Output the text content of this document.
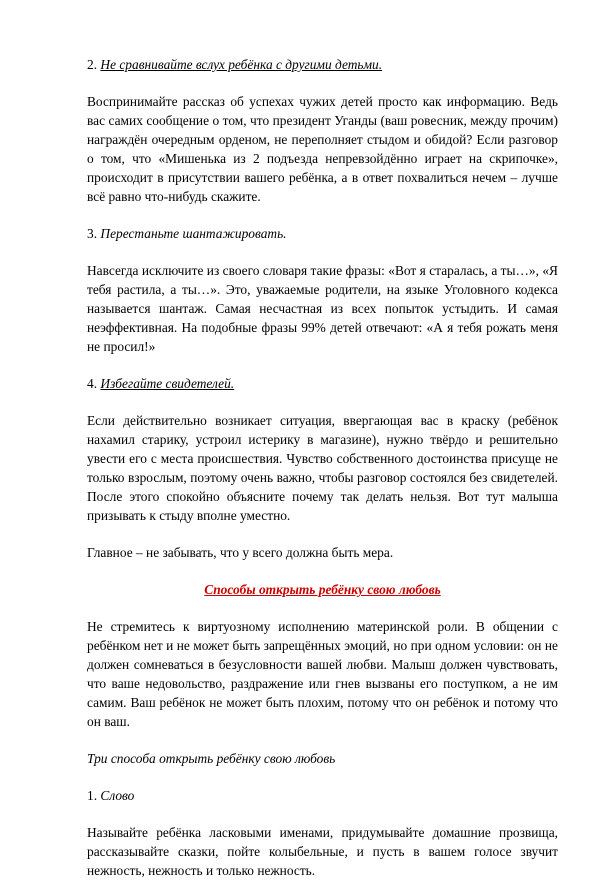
2. Не сравнивайте вслух ребёнка с другими детьми.

Воспринимайте рассказ об успехах чужих детей просто как информацию. Ведь вас самих сообщение о том, что президент Уганды (ваш ровесник, между прочим) награждён очередным орденом, не переполняет стыдом и обидой? Если разговор о том, что «Мишенька из 2 подъезда непревзойдённо играет на скрипочке», происходит в присутствии вашего ребёнка, а в ответ похвалиться нечем – лучше всё равно что-нибудь скажите.

3. Перестаньте шантажировать.

Навсегда исключите из своего словаря такие фразы: «Вот я старалась, а ты…», «Я тебя растила, а ты…». Это, уважаемые родители, на языке Уголовного кодекса называется шантаж. Самая несчастная из всех попыток устыдить. И самая неэффективная. На подобные фразы 99% детей отвечают: «А я тебя рожать меня не просил!»

4. Избегайте свидетелей.

Если действительно возникает ситуация, ввергающая вас в краску (ребёнок нахамил старику, устроил истерику в магазине), нужно твёрдо и решительно увести его с места происшествия. Чувство собственного достоинства присуще не только взрослым, поэтому очень важно, чтобы разговор состоялся без свидетелей. После этого спокойно объясните почему так делать нельзя. Вот тут малыша призывать к стыду вполне уместно.

Главное – не забывать, что у всего должна быть мера.

Способы открыть ребёнку свою любовь

Не стремитесь к виртуозному исполнению материнской роли. В общении с ребёнком нет и не может быть запрещённых эмоций, но при одном условии: он не должен сомневаться в безусловности вашей любви. Малыш должен чувствовать, что ваше недовольство, раздражение или гнев вызваны его поступком, а не им самим. Ваш ребёнок не может быть плохим, потому что он ребёнок и потому что он ваш.

Три способа открыть ребёнку свою любовь
1. Слово

Называйте ребёнка ласковыми именами, придумывайте домашние прозвища, рассказывайте сказки, пойте колыбельные, и пусть в вашем голосе звучит нежность, нежность и только нежность.
